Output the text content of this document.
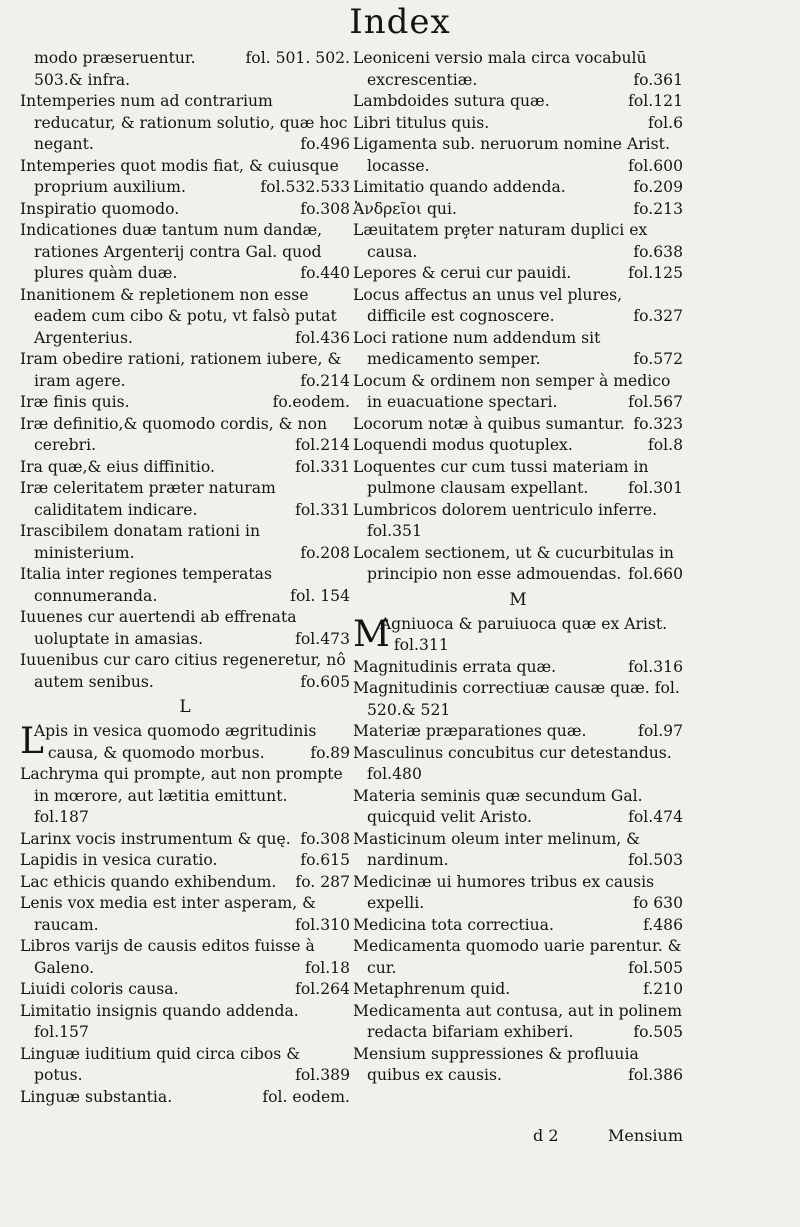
Index
modo præseruentur.	fol. 501. 502.
503.& infra.
Intemperies num ad contrarium reducatur, & rationum solutio, quæ hoc negant.	fo.496
Intemperies quot modis fiat, & cuiusque proprium auxilium.	fol.532.533
Inspiratio quomodo.	fo.308
Indicationes duæ tantum num dandæ, rationes Argenterij contra Gal. quod plures quàm duæ.	fo.440
Inanitionem & repletionem non esse eadem cum cibo & potu, vt falsò putat Argenterius.	fol.436
Iram obedire rationi, rationem iubere, & iram agere.	fo.214
Iræ finis quis.	fo.eodem.
Iræ definitio,& quomodo cordis, & non cerebri.	fol.214
Ira quæ,& eius diffinitio.	fol.331
Iræ celeritatem præter naturam caliditatem indicare.	fol.331
Irascibilem donatam rationi in ministerium.	fo.208
Italia inter regiones temperatas connumeranda.	fol. 154
Iuuenes cur auertendi ab effrenata uoluptate in amasias.	fol.473
Iuuenibus cur caro citius regeneretur, nô autem senibus.	fo.605
L
L
Apis in vesica quomodo ægritudinis causa, & quomodo morbus.	fo.89
Lachryma qui prompte, aut non prompte in mœrore, aut lætitia emittunt.
fol.187
Larinx vocis instrumentum & quę. fo.308
Lapidis in vesica curatio.	fo.615
Lac ethicis quando exhibendum.	fo. 287
Lenis vox media est inter asperam, & raucam.	fol.310
Libros varijs de causis editos fuisse à Galeno.	fol.18
Liuidi coloris causa.	fol.264
Limitatio insignis quando addenda.
fol.157
Linguæ iuditium quid circa cibos & potus.	fol.389
Linguæ substantia.	fol. eodem.
Leoniceni versio mala circa vocabulū excrescentiæ.	fo.361
Lambdoides sutura quæ.	fol.121
Libri titulus quis.	fol.6
Ligamenta sub. neruorum nomine Arist. locasse.	fol.600
Limitatio quando addenda.	fo.209
Ἀνδρεῖοι qui.	fo.213
Læuitatem prȩter naturam duplici ex causa.	fo.638
Lepores & cerui cur pauidi.	fol.125
Locus affectus an unus vel plures, difficile est cognoscere.	fo.327
Loci ratione num addendum sit medicamento semper.	fo.572
Locum & ordinem non semper à medico in euacuatione spectari.	fol.567
Locorum notæ à quibus sumantur. fo.323
Loquendi modus quotuplex.	fol.8
Loquentes cur cum tussi materiam in pulmone clausam expellant.	fol.301
Lumbricos dolorem uentriculo inferre.
fol.351
Localem sectionem, ut & cucurbitulas in principio non esse admouendas. fol.660
M
M
Agniuoca & paruiuoca quæ ex Arist. fol.311
Magnitudinis errata quæ.	fol.316
Magnitudinis correctiuæ causæ quæ. fol. 520.& 521
Materiæ præparationes quæ.	fol.97
Masculinus concubitus cur detestandus.
fol.480
Materia seminis quæ secundum Gal. quicquid velit Aristo.	fol.474
Masticinum oleum inter melinum, & nardinum.	fol.503
Medicinæ ui humores tribus ex causis expelli.	fo 630
Medicina tota correctiua.	f.486
Medicamenta quomodo uarie parentur. & cur.	fol.505
Metaphrenum quid.	f.210
Medicamenta aut contusa, aut in polinem redacta bifariam exhiberi.	fo.505
Mensium suppressiones & profluuia quibus ex causis.	fol.386
d 2	Mensium
